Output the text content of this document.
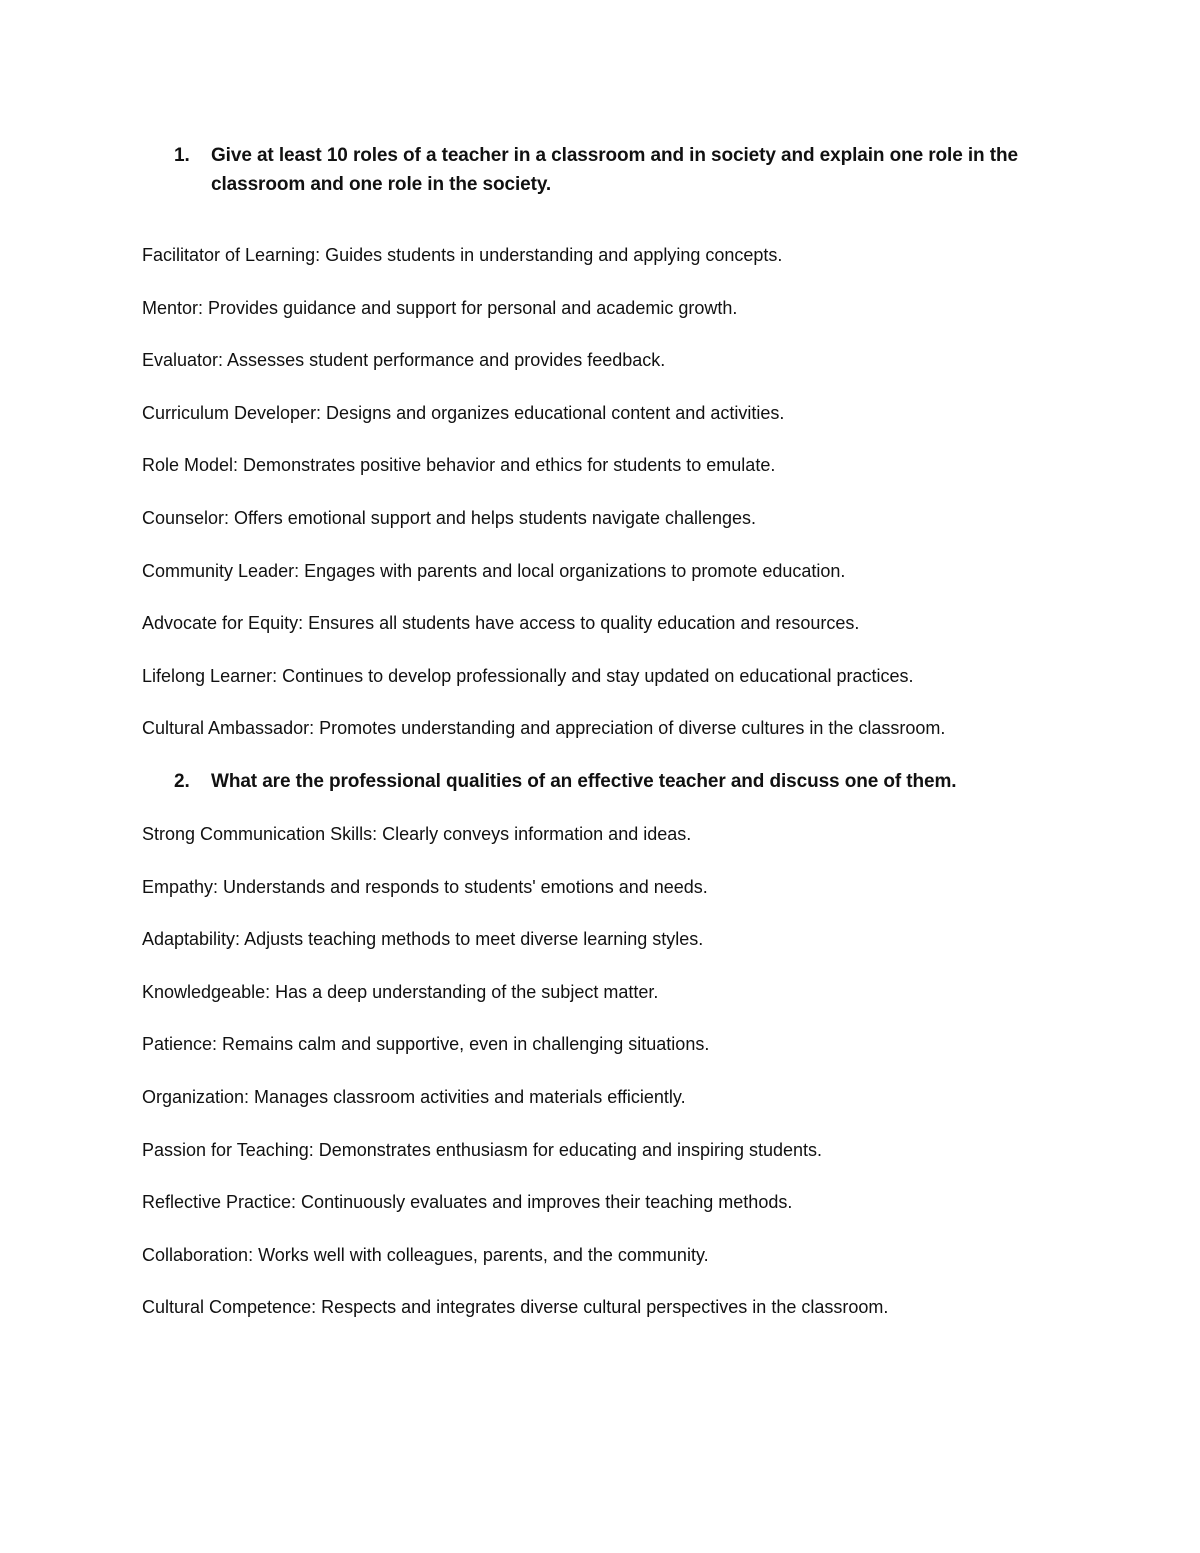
1.	Give at least 10 roles of a teacher in a classroom and in society and explain one role in the classroom and one role in the society.
Facilitator of Learning: Guides students in understanding and applying concepts.
Mentor: Provides guidance and support for personal and academic growth.
Evaluator: Assesses student performance and provides feedback.
Curriculum Developer: Designs and organizes educational content and activities.
Role Model: Demonstrates positive behavior and ethics for students to emulate.
Counselor: Offers emotional support and helps students navigate challenges.
Community Leader: Engages with parents and local organizations to promote education.
Advocate for Equity: Ensures all students have access to quality education and resources.
Lifelong Learner: Continues to develop professionally and stay updated on educational practices.
Cultural Ambassador: Promotes understanding and appreciation of diverse cultures in the classroom.
2.	What are the professional qualities of an effective teacher and discuss one of them.
Strong Communication Skills: Clearly conveys information and ideas.
Empathy: Understands and responds to students' emotions and needs.
Adaptability: Adjusts teaching methods to meet diverse learning styles.
Knowledgeable: Has a deep understanding of the subject matter.
Patience: Remains calm and supportive, even in challenging situations.
Organization: Manages classroom activities and materials efficiently.
Passion for Teaching: Demonstrates enthusiasm for educating and inspiring students.
Reflective Practice: Continuously evaluates and improves their teaching methods.
Collaboration: Works well with colleagues, parents, and the community.
Cultural Competence: Respects and integrates diverse cultural perspectives in the classroom.
